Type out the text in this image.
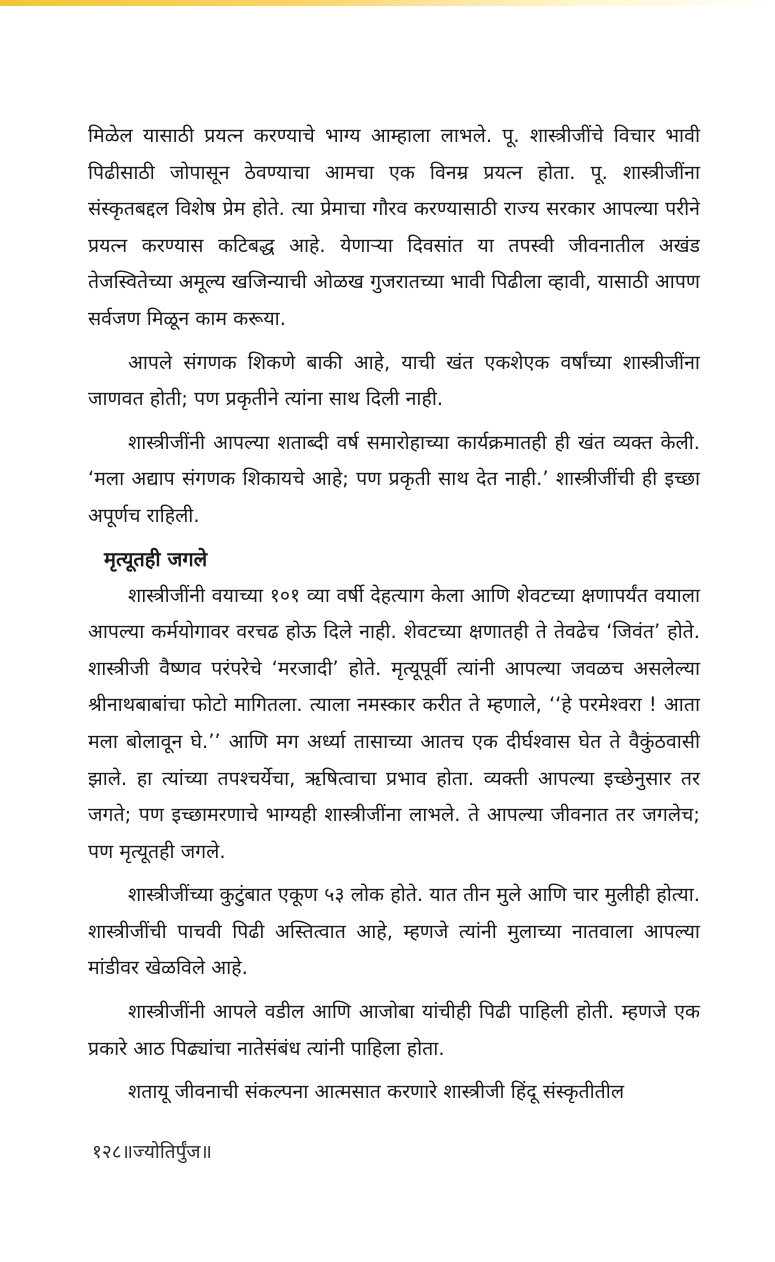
मिळेल यासाठी प्रयत्न करण्याचे भाग्य आम्हाला लाभले. पू. शास्त्रीजींचे विचार भावी पिढीसाठी जोपासून ठेवण्याचा आमचा एक विनम्र प्रयत्न होता. पू. शास्त्रीजींना संस्कृतबद्दल विशेष प्रेम होते. त्या प्रेमाचा गौरव करण्यासाठी राज्य सरकार आपल्या परीने प्रयत्न करण्यास कटिबद्ध आहे. येणाऱ्या दिवसांत या तपस्वी जीवनातील अखंड तेजस्वितेच्या अमूल्य खजिन्याची ओळख गुजरातच्या भावी पिढीला व्हावी, यासाठी आपण सर्वजण मिळून काम करूया.

आपले संगणक शिकणे बाकी आहे, याची खंत एकशेएक वर्षांच्या शास्त्रीजींना जाणवत होती; पण प्रकृतीने त्यांना साथ दिली नाही.

शास्त्रीजींनी आपल्या शताब्दी वर्ष समारोहाच्या कार्यक्रमातही ही खंत व्यक्त केली. ‘मला अद्याप संगणक शिकायचे आहे; पण प्रकृती साथ देत नाही.’ शास्त्रीजींची ही इच्छा अपूर्णच राहिली.

मृत्यूतही जगले

शास्त्रीजींनी वयाच्या १०१ व्या वर्षी देहत्याग केला आणि शेवटच्या क्षणापर्यंत वयाला आपल्या कर्मयोगावर वरचढ होऊ दिले नाही. शेवटच्या क्षणातही ते तेवढेच ‘जिवंत’ होते. शास्त्रीजी वैष्णव परंपरेचे ‘मरजादी’ होते. मृत्यूपूर्वी त्यांनी आपल्या जवळच असलेल्या श्रीनाथबाबांचा फोटो मागितला. त्याला नमस्कार करीत ते म्हणाले, ‘‘हे परमेश्वरा ! आता मला बोलावून घे.’’ आणि मग अर्ध्या तासाच्या आतच एक दीर्घश्वास घेत ते वैकुंठवासी झाले. हा त्यांच्या तपश्चर्येचा, ऋषित्वाचा प्रभाव होता. व्यक्ती आपल्या इच्छेनुसार तर जगते; पण इच्छामरणाचे भाग्यही शास्त्रीजींना लाभले. ते आपल्या जीवनात तर जगलेच; पण मृत्यूतही जगले.

शास्त्रीजींच्या कुटुंबात एकूण ५३ लोक होते. यात तीन मुले आणि चार मुलीही होत्या. शास्त्रीजींची पाचवी पिढी अस्तित्वात आहे, म्हणजे त्यांनी मुलाच्या नातवाला आपल्या मांडीवर खेळविले आहे.

शास्त्रीजींनी आपले वडील आणि आजोबा यांचीही पिढी पाहिली होती. म्हणजे एक प्रकारे आठ पिढ्यांचा नातेसंबंध त्यांनी पाहिला होता.

शतायू जीवनाची संकल्पना आत्मसात करणारे शास्त्रीजी हिंदू संस्कृतीतील

१२८॥ज्योतिर्पुंज॥
